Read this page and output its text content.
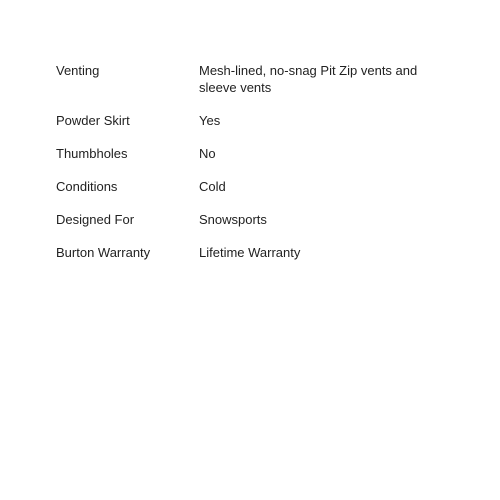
Venting	Mesh-lined, no-snag Pit Zip vents and sleeve vents
Powder Skirt	Yes
Thumbholes	No
Conditions	Cold
Designed For	Snowsports
Burton Warranty	Lifetime Warranty
